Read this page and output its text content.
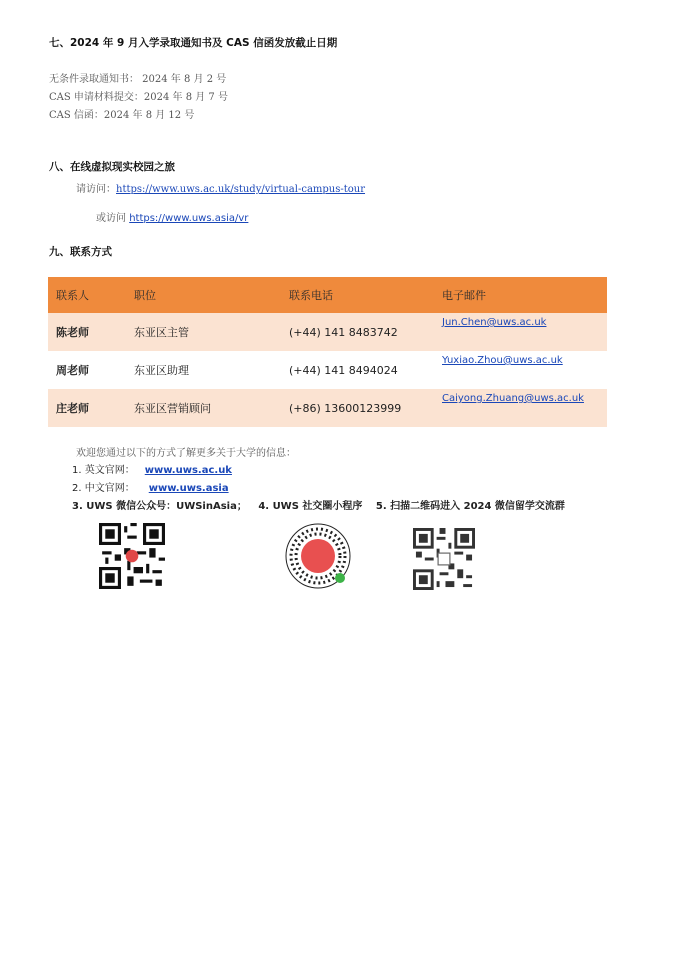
七、2024 年 9 月入学录取通知书及 CAS 信函发放截止日期
无条件录取通知书： 2024 年 8 月 2 号
CAS 申请材料提交：2024 年 8 月 7 号
CAS 信函：2024 年 8 月 12 号
八、在线虚拟现实校园之旅
请访问：https://www.uws.ac.uk/study/virtual-campus-tour
或访问 https://www.uws.asia/vr
九、联系方式
联系人	职位	联系电话	电子邮件
陈老师	东亚区主管	(+44) 141 8483742	Jun.Chen@uws.ac.uk
周老师	东亚区助理	(+44) 141 8494024	Yuxiao.Zhou@uws.ac.uk
庄老师	东亚区营销顾问	(+86) 13600123999	Caiyong.Zhuang@uws.ac.uk
欢迎您通过以下的方式了解更多关于大学的信息：
1. 英文官网： www.uws.ac.uk
2. 中文官网： www.uws.asia
3. UWS 微信公众号：UWSinAsia； 4. UWS 社交圈小程序 5. 扫描二维码进入 2024 微信留学交流群
